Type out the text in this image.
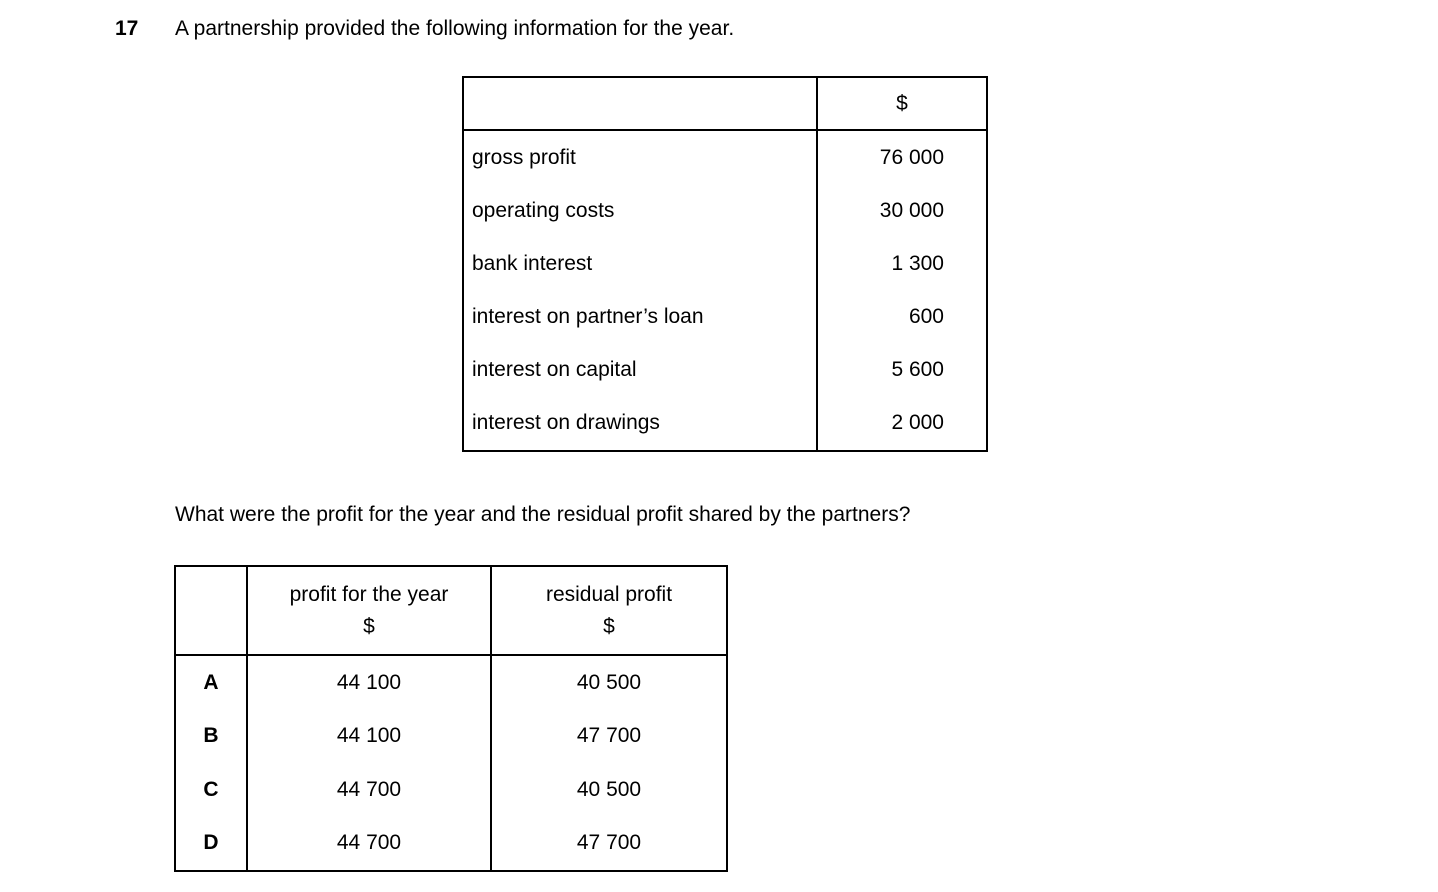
17 A partnership provided the following information for the year.
$
gross profit	76 000
operating costs	30 000
bank interest	1 300
interest on partner’s loan	600
interest on capital	5 600
interest on drawings	2 000
What were the profit for the year and the residual profit shared by the partners?
profit for the year
$
residual profit
$
A	44 100	40 500
B	44 100	47 700
C	44 700	40 500
D	44 700	47 700
